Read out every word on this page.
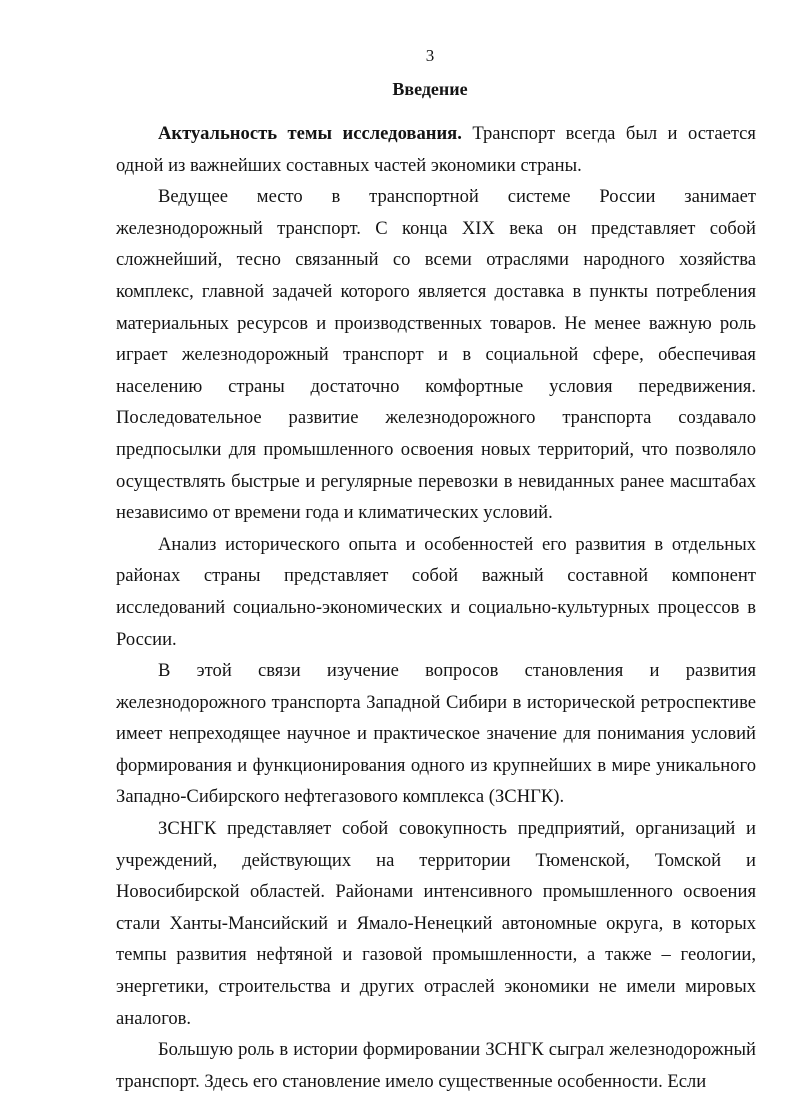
3
Введение

Актуальность темы исследования. Транспорт всегда был и остается одной из важнейших составных частей экономики страны.

Ведущее место в транспортной системе России занимает железнодорожный транспорт. С конца XIX века он представляет собой сложнейший, тесно связанный со всеми отраслями народного хозяйства комплекс, главной задачей которого является доставка в пункты потребления материальных ресурсов и производственных товаров. Не менее важную роль играет железнодорожный транспорт и в социальной сфере, обеспечивая населению страны достаточно комфортные условия передвижения. Последовательное развитие железнодорожного транспорта создавало предпосылки для промышленного освоения новых территорий, что позволяло осуществлять быстрые и регулярные перевозки в невиданных ранее масштабах независимо от времени года и климатических условий.

Анализ исторического опыта и особенностей его развития в отдельных районах страны представляет собой важный составной компонент исследований социально-экономических и социально-культурных процессов в России.

В этой связи изучение вопросов становления и развития железнодорожного транспорта Западной Сибири в исторической ретроспективе имеет непреходящее научное и практическое значение для понимания условий формирования и функционирования одного из крупнейших в мире уникального Западно-Сибирского нефтегазового комплекса (ЗСНГК).

ЗСНГК представляет собой совокупность предприятий, организаций и учреждений, действующих на территории Тюменской, Томской и Новосибирской областей. Районами интенсивного промышленного освоения стали Ханты-Мансийский и Ямало-Ненецкий автономные округа, в которых темпы развития нефтяной и газовой промышленности, а также – геологии, энергетики, строительства и других отраслей экономики не имели мировых аналогов.

Большую роль в истории формировании ЗСНГК сыграл железнодорожный транспорт. Здесь его становление имело существенные особенности. Если
